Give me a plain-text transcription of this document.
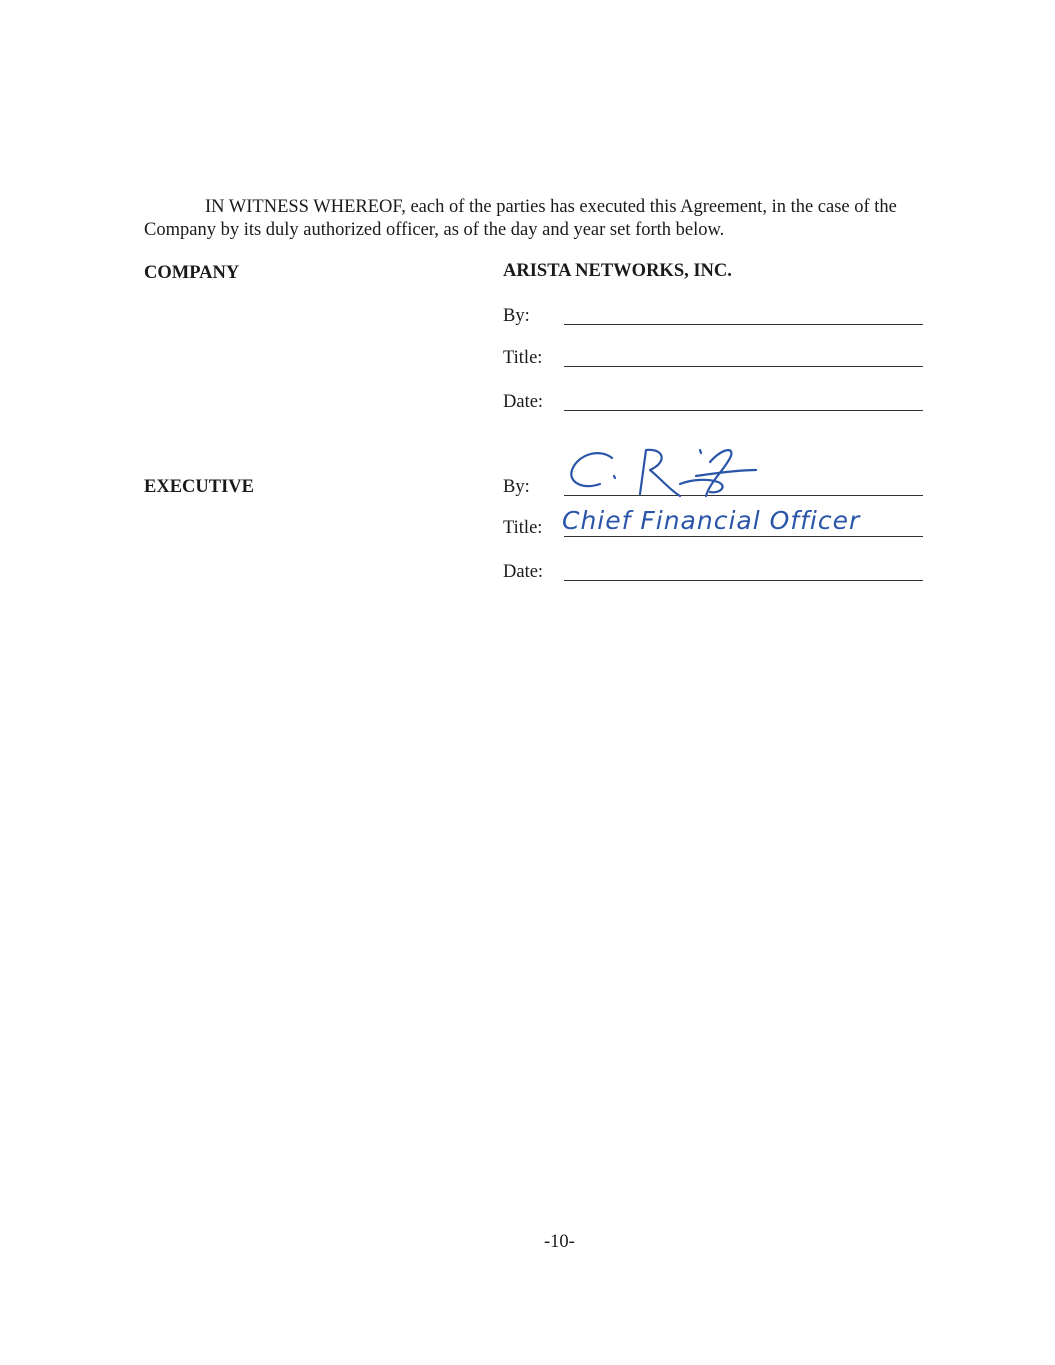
IN WITNESS WHEREOF, each of the parties has executed this Agreement, in the case of the Company by its duly authorized officer, as of the day and year set forth below.

COMPANY	ARISTA NETWORKS, INC.

By:
Title:
Date:

EXECUTIVE	By:
Title:
Date:

Chief Financial Officer

-10-
